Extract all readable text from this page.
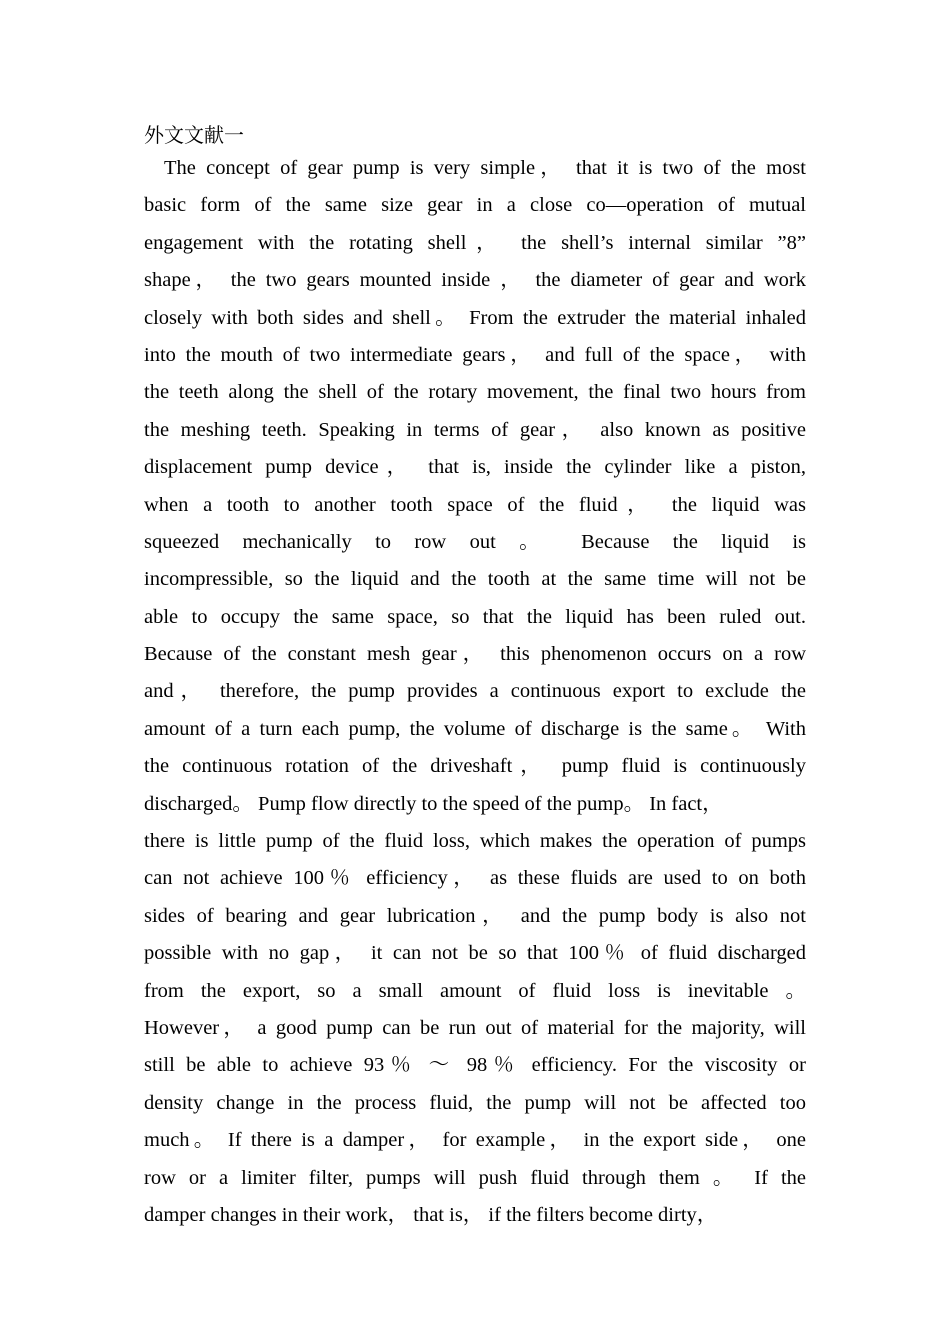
外文文献一
The concept of gear pump is very simple， that it is two of the most
basic form of the same size gear in a close co—operation of mutual
engagement with the rotating shell， the shell’s internal similar ”8”
shape， the two gears mounted inside ， the diameter of gear and work
closely with both sides and shell。 From the extruder the material inhaled
into the mouth of two intermediate gears， and full of the space， with
the teeth along the shell of the rotary movement, the final two hours from
the meshing teeth. Speaking in terms of gear， also known as positive
displacement pump device， that is, inside the cylinder like a piston,
when a tooth to another tooth space of the fluid， the liquid was
squeezed mechanically to row out 。 Because the liquid is
incompressible, so the liquid and the tooth at the same time will not be
able to occupy the same space, so that the liquid has been ruled out.
Because of the constant mesh gear， this phenomenon occurs on a row
and， therefore, the pump provides a continuous export to exclude the
amount of a turn each pump, the volume of discharge is the same。 With
the continuous rotation of the driveshaft， pump fluid is continuously
discharged。 Pump flow directly to the speed of the pump。 In fact，
there is little pump of the fluid loss, which makes the operation of pumps
can not achieve 100％ efficiency， as these fluids are used to on both
sides of bearing and gear lubrication， and the pump body is also not
possible with no gap， it can not be so that 100％ of fluid discharged
from the export, so a small amount of fluid loss is inevitable 。
However， a good pump can be run out of material for the majority, will
still be able to achieve 93％ ～ 98％ efficiency. For the viscosity or
density change in the process fluid, the pump will not be affected too
much。 If there is a damper， for example， in the export side， one
row or a limiter filter, pumps will push fluid through them 。 If the
damper changes in their work， that is， if the filters become dirty，
